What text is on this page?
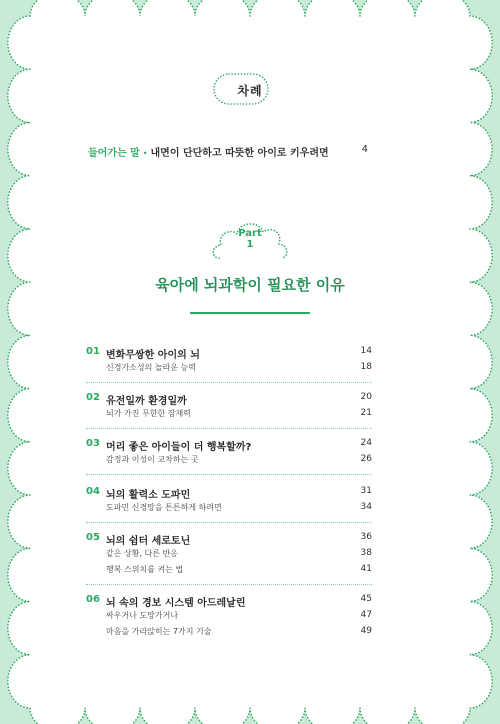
차례
들어가는 말 • 내면이 단단하고 따뜻한 아이로 키우려면	4
Part
1
육아에 뇌과학이 필요한 이유
01 변화무쌍한 아이의 뇌	14
신경가소성의 놀라운 능력	18
02 유전일까 환경일까	20
뇌가 가진 무한한 잠재력	21
03 머리 좋은 아이들이 더 행복할까?	24
감정과 이성이 교차하는 곳	26
04 뇌의 활력소 도파민	31
도파민 신경망을 튼튼하게 하려면	34
05 뇌의 쉼터 세로토닌	36
같은 상황, 다른 반응	38
행복 스위치를 켜는 법	41
06 뇌 속의 경보 시스템 아드레날린	45
싸우거나 도망가거나	47
마음을 가라앉히는 7가지 기술	49
